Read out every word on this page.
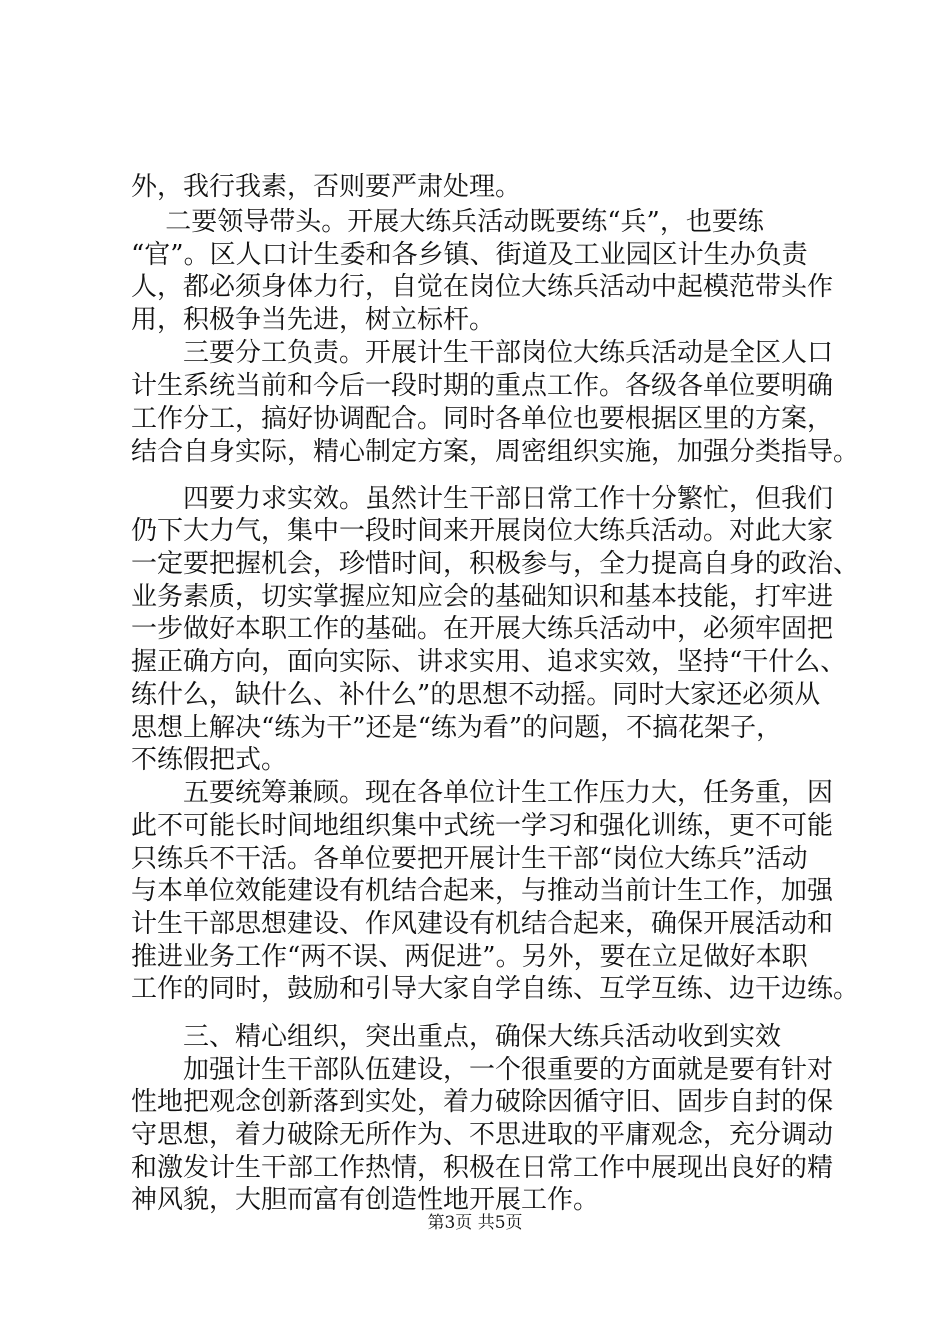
外，我行我素，否则要严肃处理。
　 二要领导带头。开展大练兵活动既要练“兵”，也要练
“官”。区人口计生委和各乡镇、街道及工业园区计生办负责
人，都必须身体力行，自觉在岗位大练兵活动中起模范带头作
用，积极争当先进，树立标杆。
　　三要分工负责。开展计生干部岗位大练兵活动是全区人口
计生系统当前和今后一段时期的重点工作。各级各单位要明确
工作分工，搞好协调配合。同时各单位也要根据区里的方案，
结合自身实际，精心制定方案，周密组织实施，加强分类指导。
　　四要力求实效。虽然计生干部日常工作十分繁忙，但我们
仍下大力气，集中一段时间来开展岗位大练兵活动。对此大家
一定要把握机会，珍惜时间，积极参与，全力提高自身的政治、
业务素质，切实掌握应知应会的基础知识和基本技能，打牢进
一步做好本职工作的基础。在开展大练兵活动中，必须牢固把
握正确方向，面向实际、讲求实用、追求实效，坚持“干什么、
练什么，缺什么、补什么”的思想不动摇。同时大家还必须从
思想上解决“练为干”还是“练为看”的问题，不搞花架子，
不练假把式。
　　五要统筹兼顾。现在各单位计生工作压力大，任务重，因
此不可能长时间地组织集中式统一学习和强化训练，更不可能
只练兵不干活。各单位要把开展计生干部“岗位大练兵”活动
与本单位效能建设有机结合起来，与推动当前计生工作，加强
计生干部思想建设、作风建设有机结合起来，确保开展活动和
推进业务工作“两不误、两促进”。另外，要在立足做好本职
工作的同时，鼓励和引导大家自学自练、互学互练、边干边练。
　　三、精心组织，突出重点，确保大练兵活动收到实效
　　加强计生干部队伍建设，一个很重要的方面就是要有针对
性地把观念创新落到实处，着力破除因循守旧、固步自封的保
守思想，着力破除无所作为、不思进取的平庸观念，充分调动
和激发计生干部工作热情，积极在日常工作中展现出良好的精
神风貌，大胆而富有创造性地开展工作。
第3页 共5页
